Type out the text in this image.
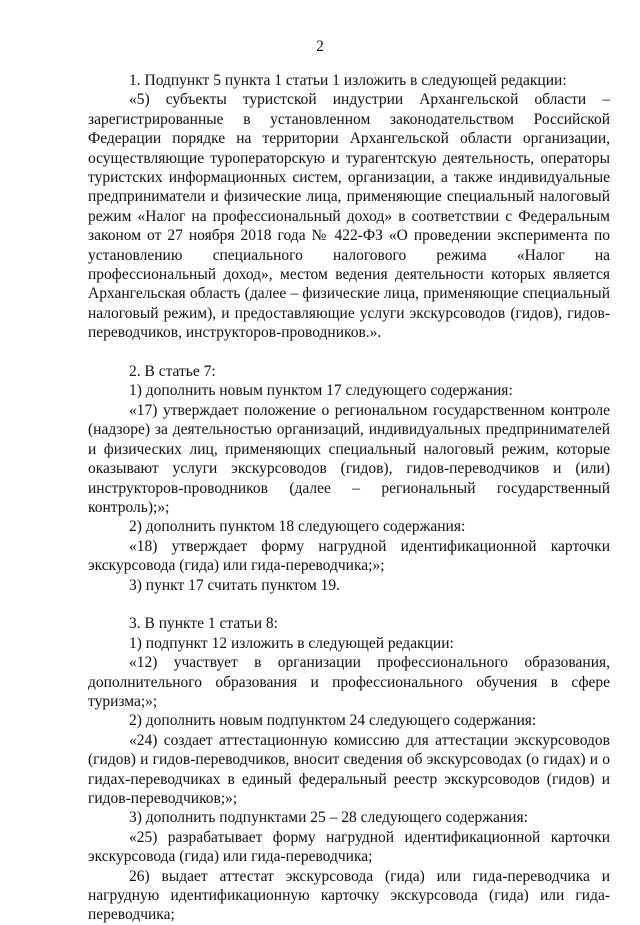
2

1. Подпункт 5 пункта 1 статьи 1 изложить в следующей редакции:

«5) субъекты туристской индустрии Архангельской области – зарегистрированные в установленном законодательством Российской Федерации порядке на территории Архангельской области организации, осуществляющие туроператорскую и турагентскую деятельность, операторы туристских информационных систем, организации, а также индивидуальные предприниматели и физические лица, применяющие специальный налоговый режим «Налог на профессиональный доход» в соответствии с Федеральным законом от 27 ноября 2018 года № 422-ФЗ «О проведении эксперимента по установлению специального налогового режима «Налог на профессиональный доход», местом ведения деятельности которых является Архангельская область (далее – физические лица, применяющие специальный налоговый режим), и предоставляющие услуги экскурсоводов (гидов), гидов-переводчиков, инструкторов-проводников.».

2. В статье 7:

1) дополнить новым пунктом 17 следующего содержания:

«17) утверждает положение о региональном государственном контроле (надзоре) за деятельностью организаций, индивидуальных предпринимателей и физических лиц, применяющих специальный налоговый режим, которые оказывают услуги экскурсоводов (гидов), гидов-переводчиков и (или) инструкторов-проводников (далее – региональный государственный контроль);»;

2) дополнить пунктом 18 следующего содержания:

«18) утверждает форму нагрудной идентификационной карточки экскурсовода (гида) или гида-переводчика;»;

3) пункт 17 считать пунктом 19.

3. В пункте 1 статьи 8:

1) подпункт 12 изложить в следующей редакции:

«12) участвует в организации профессионального образования, дополнительного образования и профессионального обучения в сфере туризма;»;

2) дополнить новым подпунктом 24 следующего содержания:

«24) создает аттестационную комиссию для аттестации экскурсоводов (гидов) и гидов-переводчиков, вносит сведения об экскурсоводах (о гидах) и о гидах-переводчиках в единый федеральный реестр экскурсоводов (гидов) и гидов-переводчиков;»;

3) дополнить подпунктами 25 – 28 следующего содержания:

«25) разрабатывает форму нагрудной идентификационной карточки экскурсовода (гида) или гида-переводчика;

26) выдает аттестат экскурсовода (гида) или гида-переводчика и нагрудную идентификационную карточку экскурсовода (гида) или гида-переводчика;
